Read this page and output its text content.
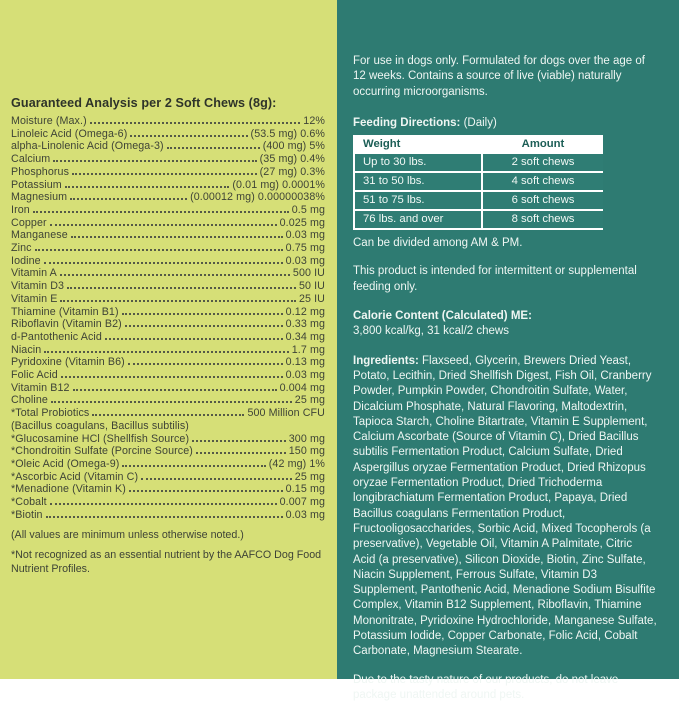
Guaranteed Analysis per 2 Soft Chews (8g):
Moisture (Max.)	12%
Linoleic Acid (Omega-6)	(53.5 mg) 0.6%
alpha-Linolenic Acid (Omega-3)	(400 mg) 5%
Calcium	(35 mg) 0.4%
Phosphorus	(27 mg) 0.3%
Potassium	(0.01 mg) 0.0001%
Magnesium	(0.00012 mg) 0.00000038%
Iron	0.5 mg
Copper	0.025 mg
Manganese	0.03 mg
Zinc	0.75 mg
Iodine	0.03 mg
Vitamin A	500 IU
Vitamin D3	50 IU
Vitamin E	25 IU
Thiamine (Vitamin B1)	0.12 mg
Riboflavin (Vitamin B2)	0.33 mg
d-Pantothenic Acid	0.34 mg
Niacin	1.7 mg
Pyridoxine (Vitamin B6)	0.13 mg
Folic Acid	0.03 mg
Vitamin B12	0.004 mg
Choline	25 mg
*Total Probiotics	500 Million CFU
(Bacillus coagulans, Bacillus subtilis)
*Glucosamine HCl (Shellfish Source)	300 mg
*Chondroitin Sulfate (Porcine Source)	150 mg
*Oleic Acid (Omega-9)	(42 mg) 1%
*Ascorbic Acid (Vitamin C)	25 mg
*Menadione (Vitamin K)	0.15 mg
*Cobalt	0.007 mg
*Biotin	0.03 mg

(All values are minimum unless otherwise noted.)

*Not recognized as an essential nutrient by the AAFCO Dog Food Nutrient Profiles.

For use in dogs only. Formulated for dogs over the age of 12 weeks. Contains a source of live (viable) naturally occurring microorganisms.

Feeding Directions: (Daily)

Weight	Amount
Up to 30 lbs.	2 soft chews
31 to 50 lbs.	4 soft chews
51 to 75 lbs.	6 soft chews
76 lbs. and over	8 soft chews

Can be divided among AM & PM.

This product is intended for intermittent or supplemental feeding only.

Calorie Content (Calculated) ME:

3,800 kcal/kg, 31 kcal/2 chews

Ingredients: Flaxseed, Glycerin, Brewers Dried Yeast, Potato, Lecithin, Dried Shellfish Digest, Fish Oil, Cranberry Powder, Pumpkin Powder, Chondroitin Sulfate, Water, Dicalcium Phosphate, Natural Flavoring, Maltodextrin, Tapioca Starch, Choline Bitartrate, Vitamin E Supplement, Calcium Ascorbate (Source of Vitamin C), Dried Bacillus subtilis Fermentation Product, Calcium Sulfate, Dried Aspergillus oryzae Fermentation Product, Dried Rhizopus oryzae Fermentation Product, Dried Trichoderma longibrachiatum Fermentation Product, Papaya, Dried Bacillus coagulans Fermentation Product, Fructooligosaccharides, Sorbic Acid, Mixed Tocopherols (a preservative), Vegetable Oil, Vitamin A Palmitate, Citric Acid (a preservative), Silicon Dioxide, Biotin, Zinc Sulfate, Niacin Supplement, Ferrous Sulfate, Vitamin D3 Supplement, Pantothenic Acid, Menadione Sodium Bisulfite Complex, Vitamin B12 Supplement, Riboflavin, Thiamine Mononitrate, Pyridoxine Hydrochloride, Manganese Sulfate, Potassium Iodide, Copper Carbonate, Folic Acid, Cobalt Carbonate, Magnesium Stearate.

Due to the tasty nature of our products, do not leave package unattended around pets.
